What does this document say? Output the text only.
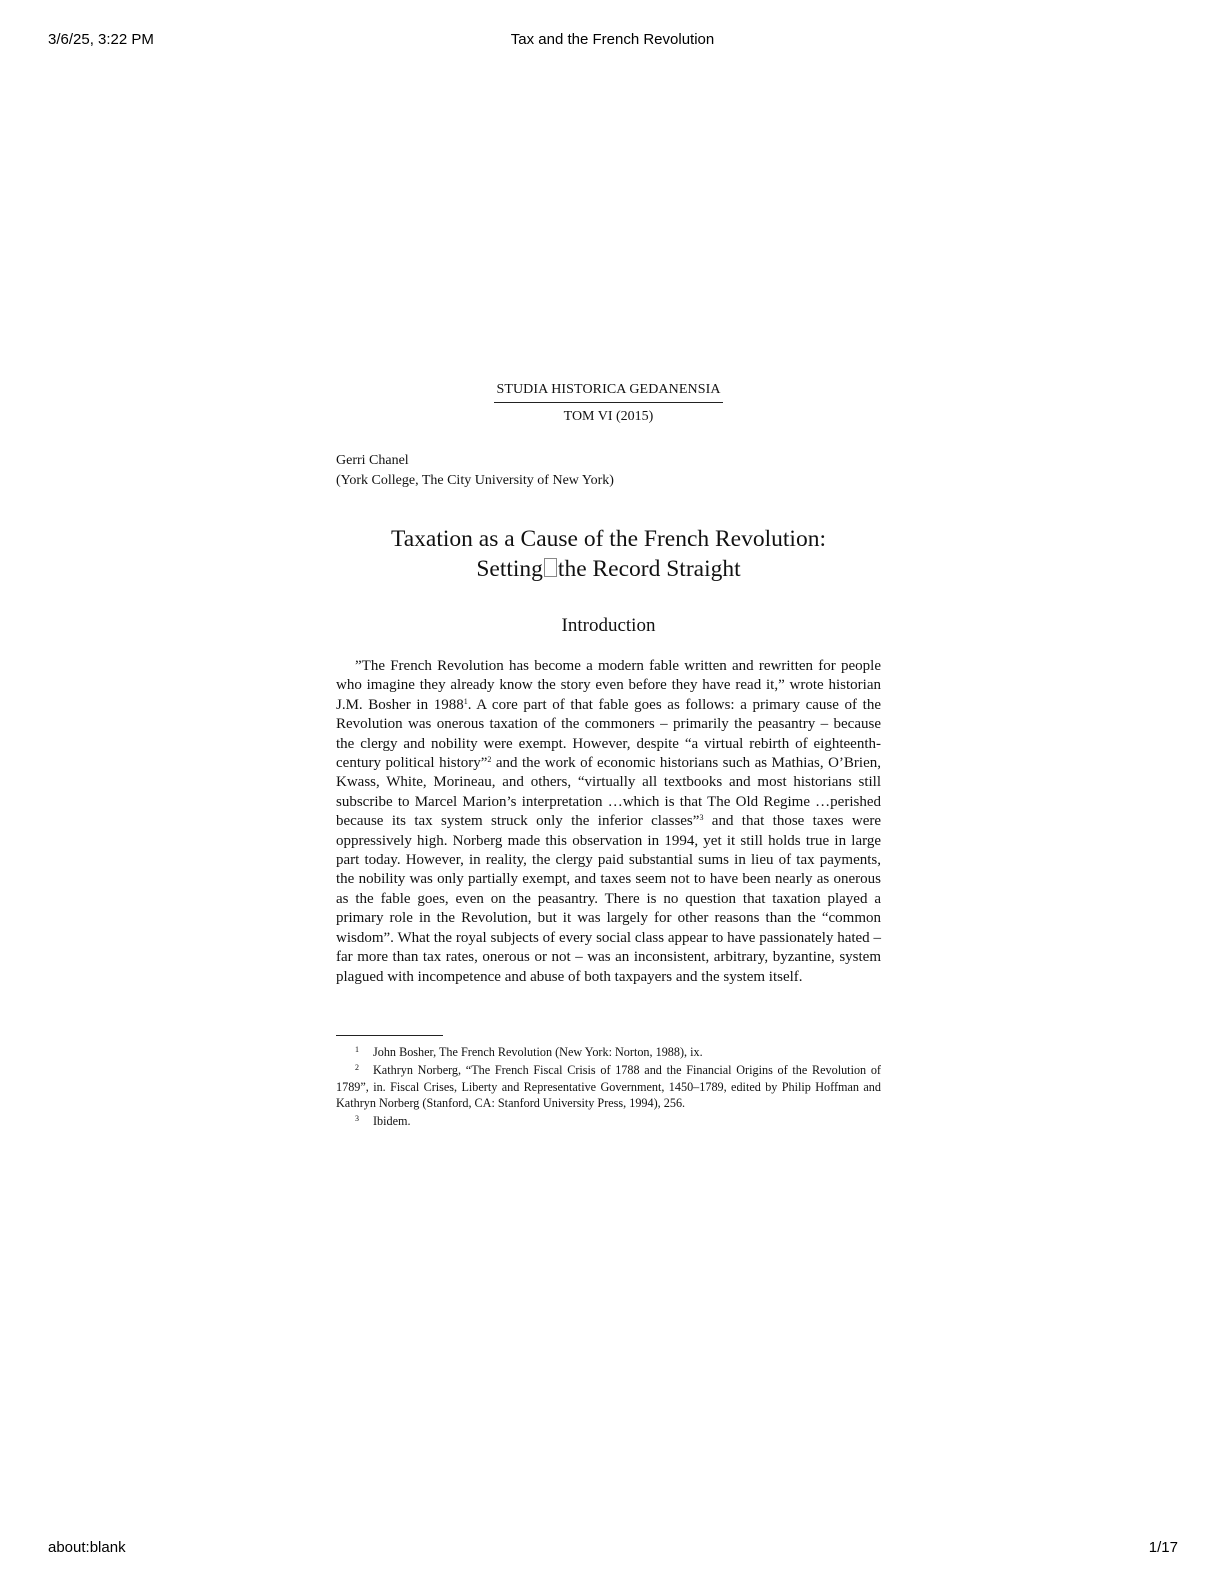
3/6/25, 3:22 PM	Tax and the French Revolution
STUDIA HISTORICA GEDANENSIA
TOM VI (2015)
Gerri Chanel
(York College, The City University of New York)
Taxation as a Cause of the French Revolution:
Setting the Record Straight
Introduction

”The French Revolution has become a modern fable written and rewritten for people who imagine they already know the story even before they have read it,” wrote historian J.M. Bosher in 1988$^1$. A core part of that fable goes as follows: a primary cause of the Revolution was onerous taxation of the commoners – primarily the peasantry – because the clergy and nobility were exempt. However, despite “a virtual rebirth of eighteenth-century political history”$^2$ and the work of economic historians such as Mathias, O’Brien, Kwass, White, Morineau, and others, “virtually all textbooks and most historians still subscribe to Marcel Marion’s interpretation …which is that The Old Regime …perished because its tax system struck only the inferior classes”$^3$ and that those taxes were oppressively high. Norberg made this observation in 1994, yet it still holds true in large part today. However, in reality, the clergy paid substantial sums in lieu of tax payments, the nobility was only partially exempt, and taxes seem not to have been nearly as onerous as the fable goes, even on the peasantry. There is no question that taxation played a primary role in the Revolution, but it was largely for other reasons than the “common wisdom”. What the royal subjects of every social class appear to have passionately hated – far more than tax rates, onerous or not – was an inconsistent, arbitrary, byzantine, system plagued with incompetence and abuse of both taxpayers and the system itself.

1 John Bosher, The French Revolution (New York: Norton, 1988), ix.
2 Kathryn Norberg, “The French Fiscal Crisis of 1788 and the Financial Origins of the Revolution of 1789”, in. Fiscal Crises, Liberty and Representative Government, 1450–1789, edited by Philip Hoffman and Kathryn Norberg (Stanford, CA: Stanford University Press, 1994), 256.
3 Ibidem.
about:blank	1/17
